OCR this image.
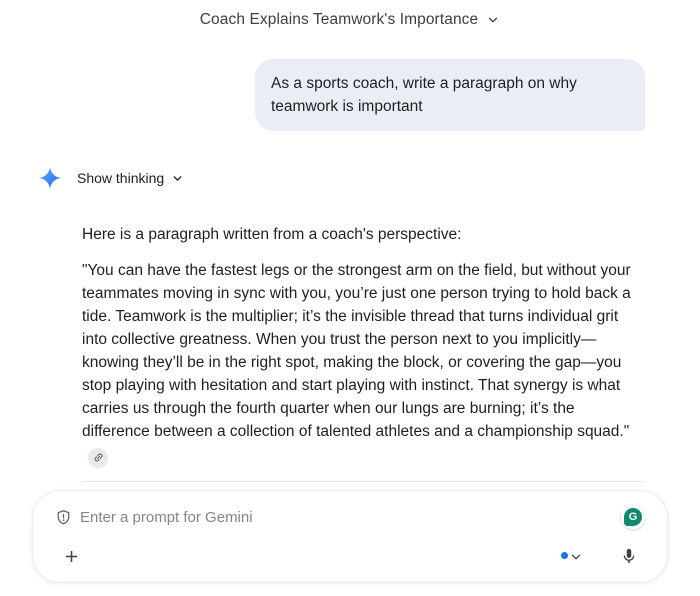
Coach Explains Teamwork's Importance
As a sports coach, write a paragraph on why teamwork is important
Show thinking

Here is a paragraph written from a coach's perspective:

"You can have the fastest legs or the strongest arm on the field, but without your teammates moving in sync with you, you’re just one person trying to hold back a tide. Teamwork is the multiplier; it’s the invisible thread that turns individual grit into collective greatness. When you trust the person next to you implicitly—knowing they’ll be in the right spot, making the block, or covering the gap—you stop playing with hesitation and start playing with instinct. That synergy is what carries us through the fourth quarter when our lungs are burning; it’s the difference between a collection of talented athletes and a championship squad."

Enter a prompt for Gemini
G
